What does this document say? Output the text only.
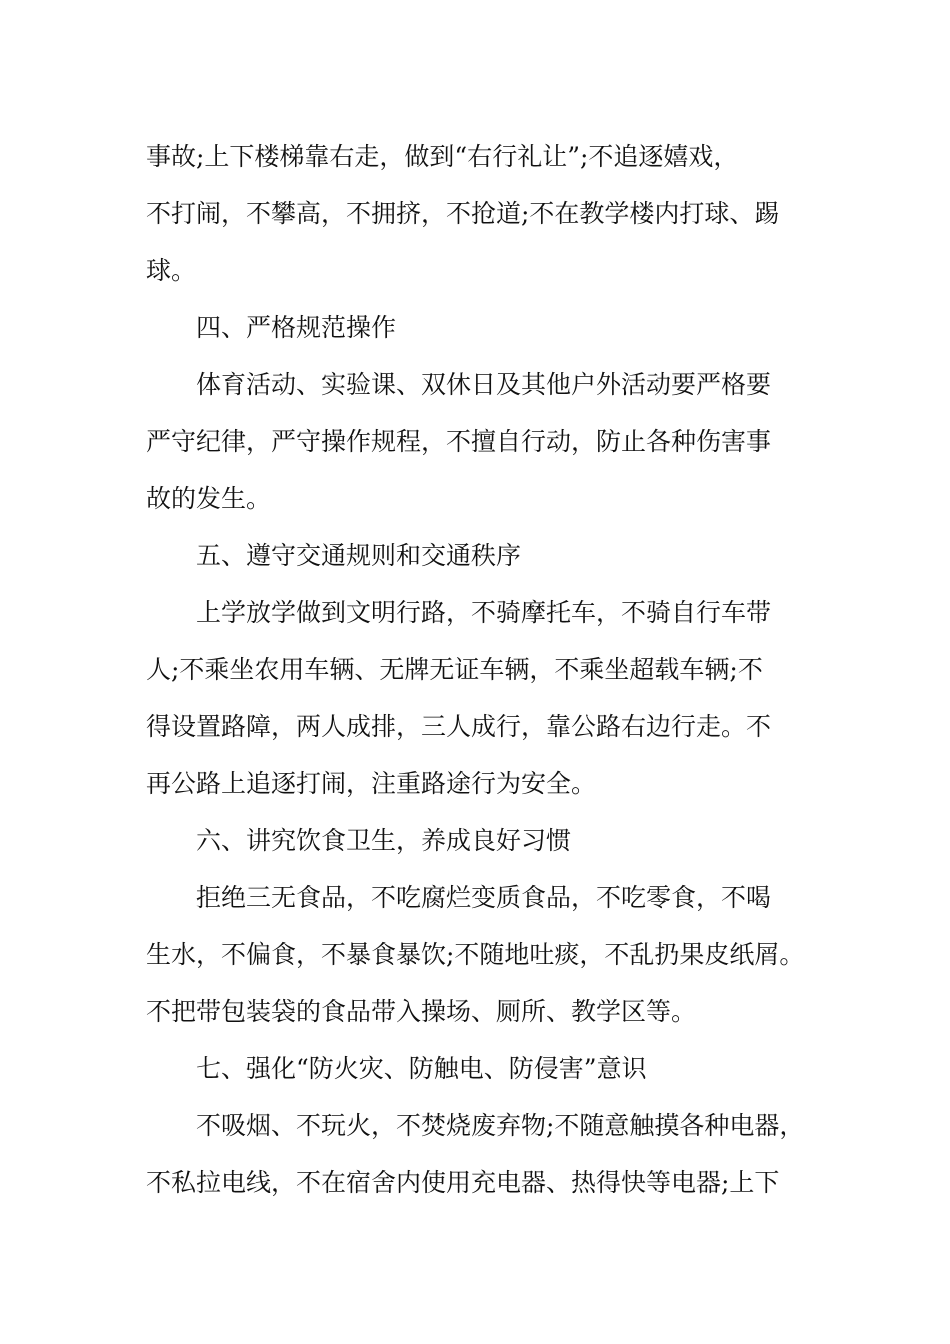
事故;上下楼梯靠右走，做到“右行礼让”;不追逐嬉戏，
不打闹，不攀高，不拥挤，不抢道;不在教学楼内打球、踢
球。
四、严格规范操作
体育活动、实验课、双休日及其他户外活动要严格要
严守纪律，严守操作规程，不擅自行动，防止各种伤害事
故的发生。
五、遵守交通规则和交通秩序
上学放学做到文明行路，不骑摩托车，不骑自行车带
人;不乘坐农用车辆、无牌无证车辆，不乘坐超载车辆;不
得设置路障，两人成排，三人成行，靠公路右边行走。不
再公路上追逐打闹，注重路途行为安全。
六、讲究饮食卫生，养成良好习惯
拒绝三无食品，不吃腐烂变质食品，不吃零食，不喝
生水，不偏食，不暴食暴饮;不随地吐痰，不乱扔果皮纸屑。
不把带包装袋的食品带入操场、厕所、教学区等。
七、强化“防火灾、防触电、防侵害”意识
不吸烟、不玩火，不焚烧废弃物;不随意触摸各种电器，
不私拉电线，不在宿舍内使用充电器、热得快等电器;上下
